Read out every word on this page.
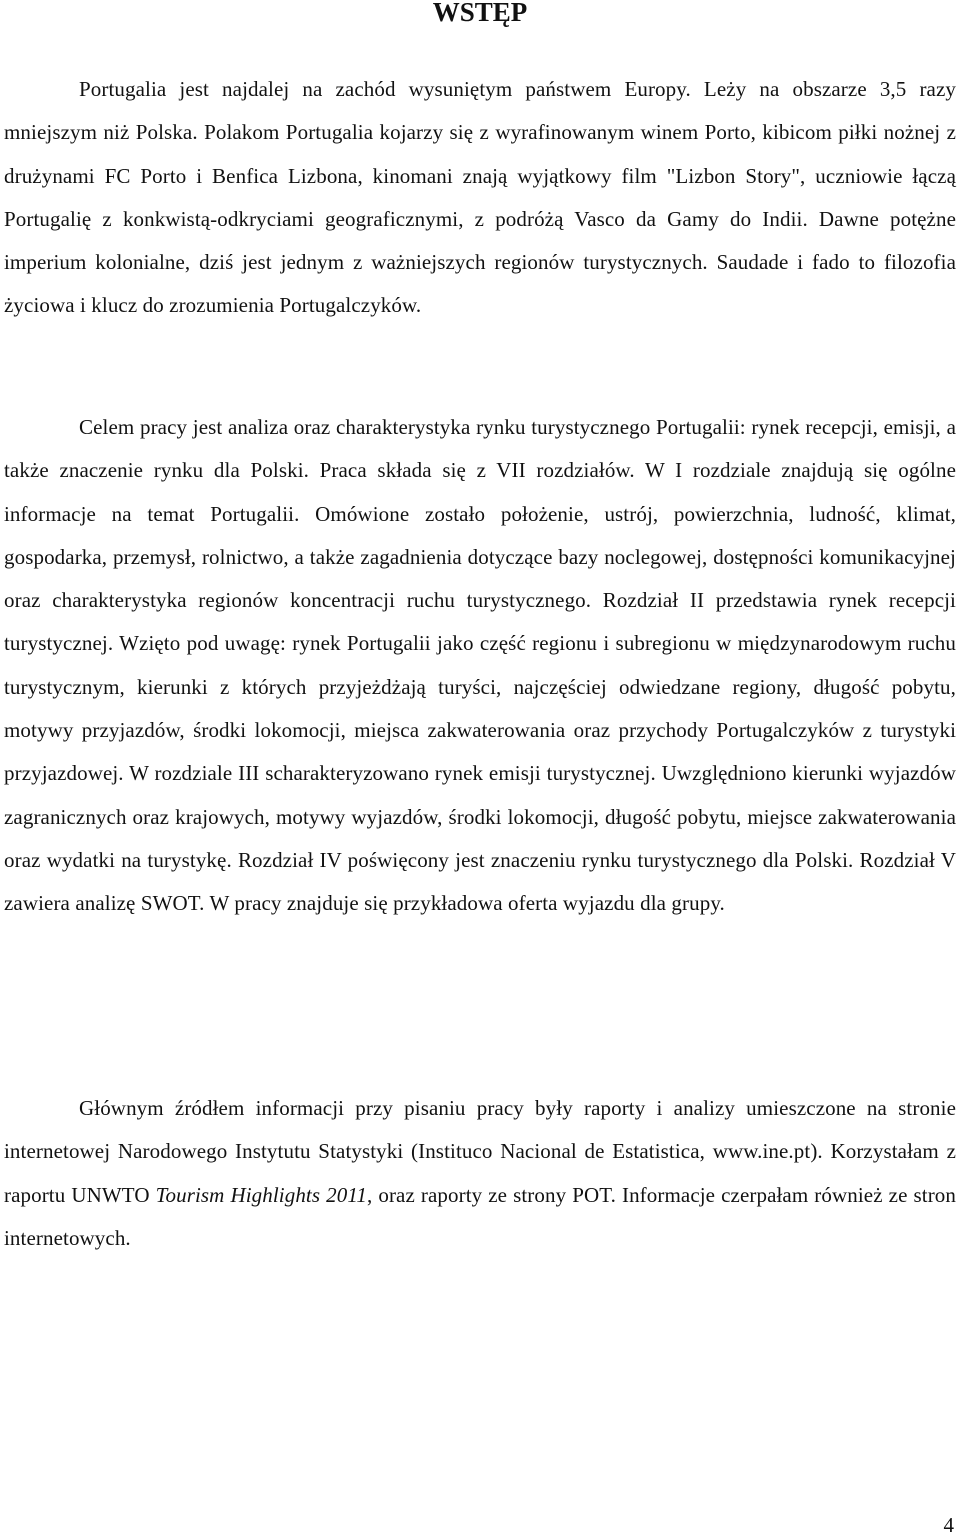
WSTĘP

Portugalia jest najdalej na zachód wysuniętym państwem Europy. Leży na obszarze 3,5 razy mniejszym niż Polska. Polakom Portugalia kojarzy się z wyrafinowanym winem Porto, kibicom piłki nożnej z drużynami FC Porto i Benfica Lizbona, kinomani znają wyjątkowy film "Lizbon Story", uczniowie łączą Portugalię z konkwistą-odkryciami geograficznymi, z podróżą Vasco da Gamy do Indii. Dawne potężne imperium kolonialne, dziś jest jednym z ważniejszych regionów turystycznych. Saudade i fado to filozofia życiowa i klucz do zrozumienia Portugalczyków.

Celem pracy jest analiza oraz charakterystyka rynku turystycznego Portugalii: rynek recepcji, emisji, a także znaczenie rynku dla Polski. Praca składa się z VII rozdziałów. W I rozdziale znajdują się ogólne informacje na temat Portugalii. Omówione zostało położenie, ustrój, powierzchnia, ludność, klimat, gospodarka, przemysł, rolnictwo, a także zagadnienia dotyczące bazy noclegowej, dostępności komunikacyjnej oraz charakterystyka regionów koncentracji ruchu turystycznego. Rozdział II przedstawia rynek recepcji turystycznej. Wzięto pod uwagę: rynek Portugalii jako część regionu i subregionu w międzynarodowym ruchu turystycznym, kierunki z których przyjeżdżają turyści, najczęściej odwiedzane regiony, długość pobytu, motywy przyjazdów, środki lokomocji, miejsca zakwaterowania oraz przychody Portugalczyków z turystyki przyjazdowej. W rozdziale III scharakteryzowano rynek emisji turystycznej. Uwzględniono kierunki wyjazdów zagranicznych oraz krajowych, motywy wyjazdów, środki lokomocji, długość pobytu, miejsce zakwaterowania oraz wydatki na turystykę. Rozdział IV poświęcony jest znaczeniu rynku turystycznego dla Polski. Rozdział V zawiera analizę SWOT. W pracy znajduje się przykładowa oferta wyjazdu dla grupy.

Głównym źródłem informacji przy pisaniu pracy były raporty i analizy umieszczone na stronie internetowej Narodowego Instytutu Statystyki (Instituco Nacional de Estatistica, www.ine.pt). Korzystałam z raportu UNWTO Tourism Highlights 2011, oraz raporty ze strony POT. Informacje czerpałam również ze stron internetowych.

4
